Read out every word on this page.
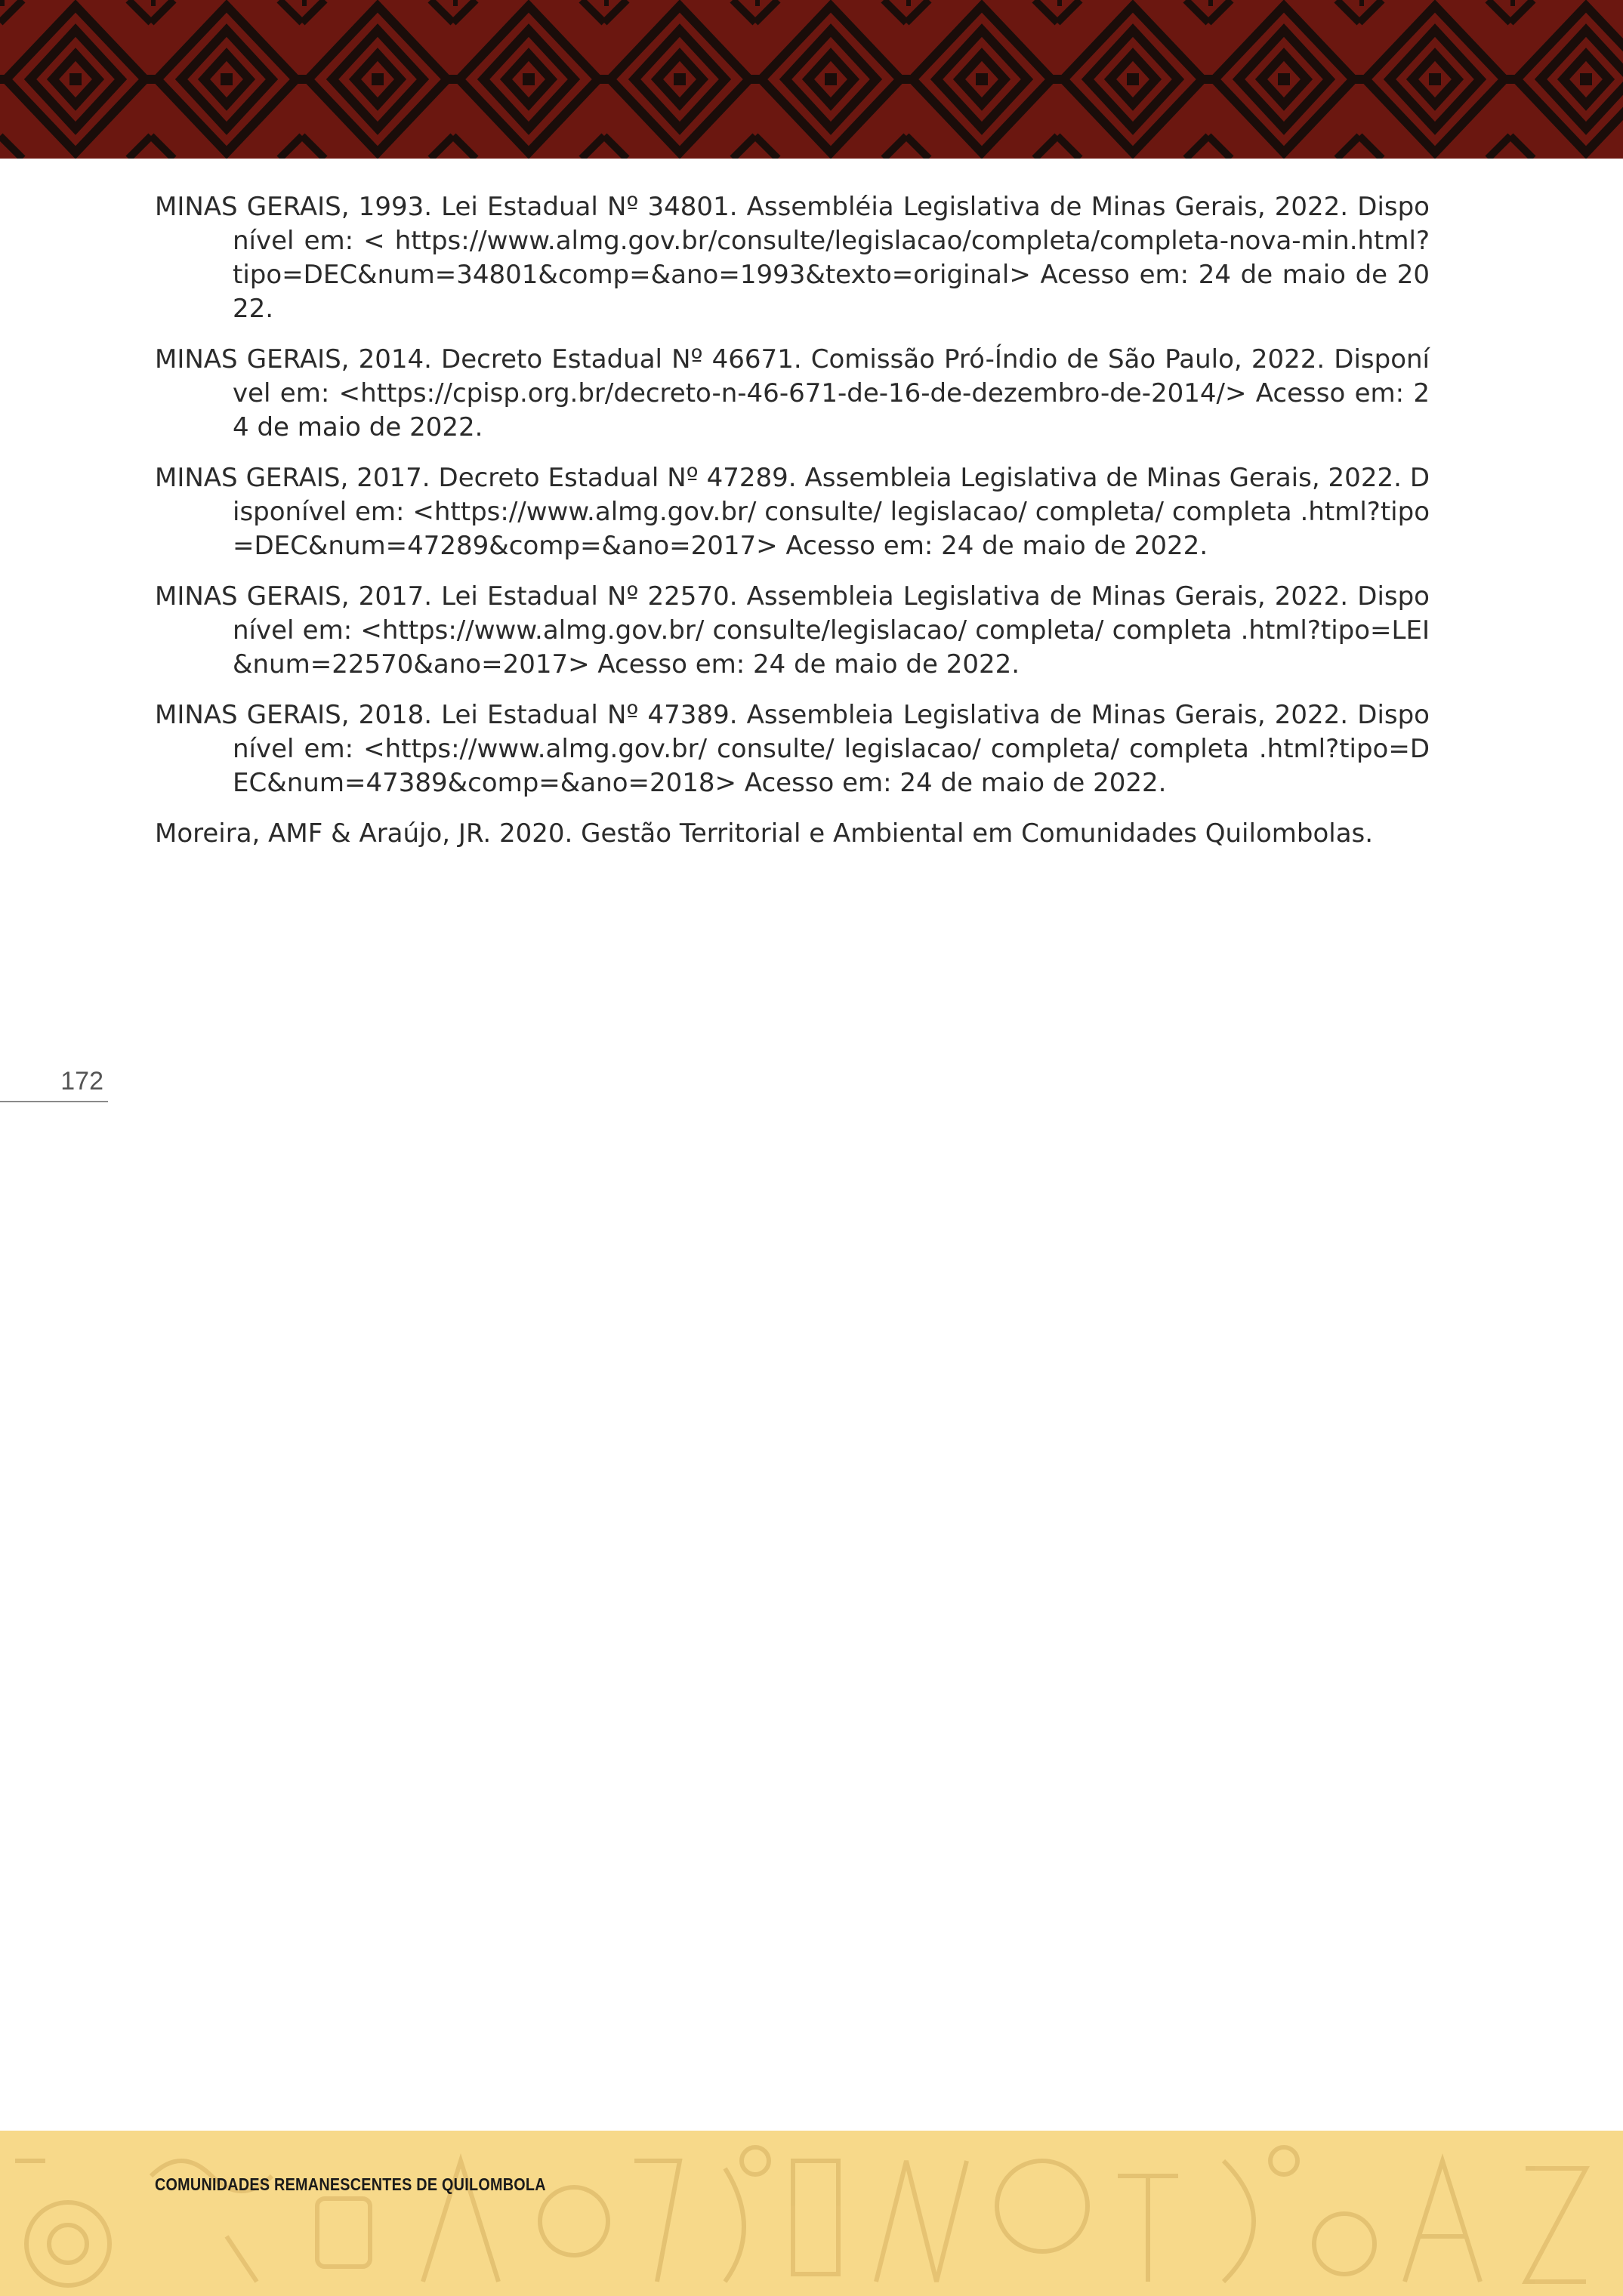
MINAS GERAIS, 1993. Lei Estadual Nº 34801. Assembléia Legislativa de Minas Gerais, 2022. Disponível em: < https://www.almg.gov.br/consulte/legislacao/completa/completa-nova-min.html?tipo=DEC&num=34801&comp=&ano=1993&texto=original> Acesso em: 24 de maio de 2022.
MINAS GERAIS, 2014. Decreto Estadual Nº 46671. Comissão Pró-Índio de São Paulo, 2022. Disponível em: <https://cpisp.org.br/decreto-n-46-671-de-16-de-dezembro-de-2014/> Acesso em: 24 de maio de 2022.
MINAS GERAIS, 2017. Decreto Estadual Nº 47289. Assembleia Legislativa de Minas Gerais, 2022. Disponível em: <https://www.almg.gov.br/ consulte/ legislacao/ completa/ completa .html?tipo=DEC&num=47289&comp=&ano=2017> Acesso em: 24 de maio de 2022.
MINAS GERAIS, 2017. Lei Estadual Nº 22570. Assembleia Legislativa de Minas Gerais, 2022. Disponível em: <https://www.almg.gov.br/ consulte/legislacao/ completa/ completa .html?tipo=LEI&num=22570&ano=2017> Acesso em: 24 de maio de 2022.
MINAS GERAIS, 2018. Lei Estadual Nº 47389. Assembleia Legislativa de Minas Gerais, 2022. Disponível em: <https://www.almg.gov.br/ consulte/ legislacao/ completa/ completa .html?tipo=DEC&num=47389&comp=&ano=2018> Acesso em: 24 de maio de 2022.
Moreira, AMF & Araújo, JR. 2020. Gestão Territorial e Ambiental em Comunidades Quilombolas.
172
COMUNIDADES REMANESCENTES DE QUILOMBOLA
